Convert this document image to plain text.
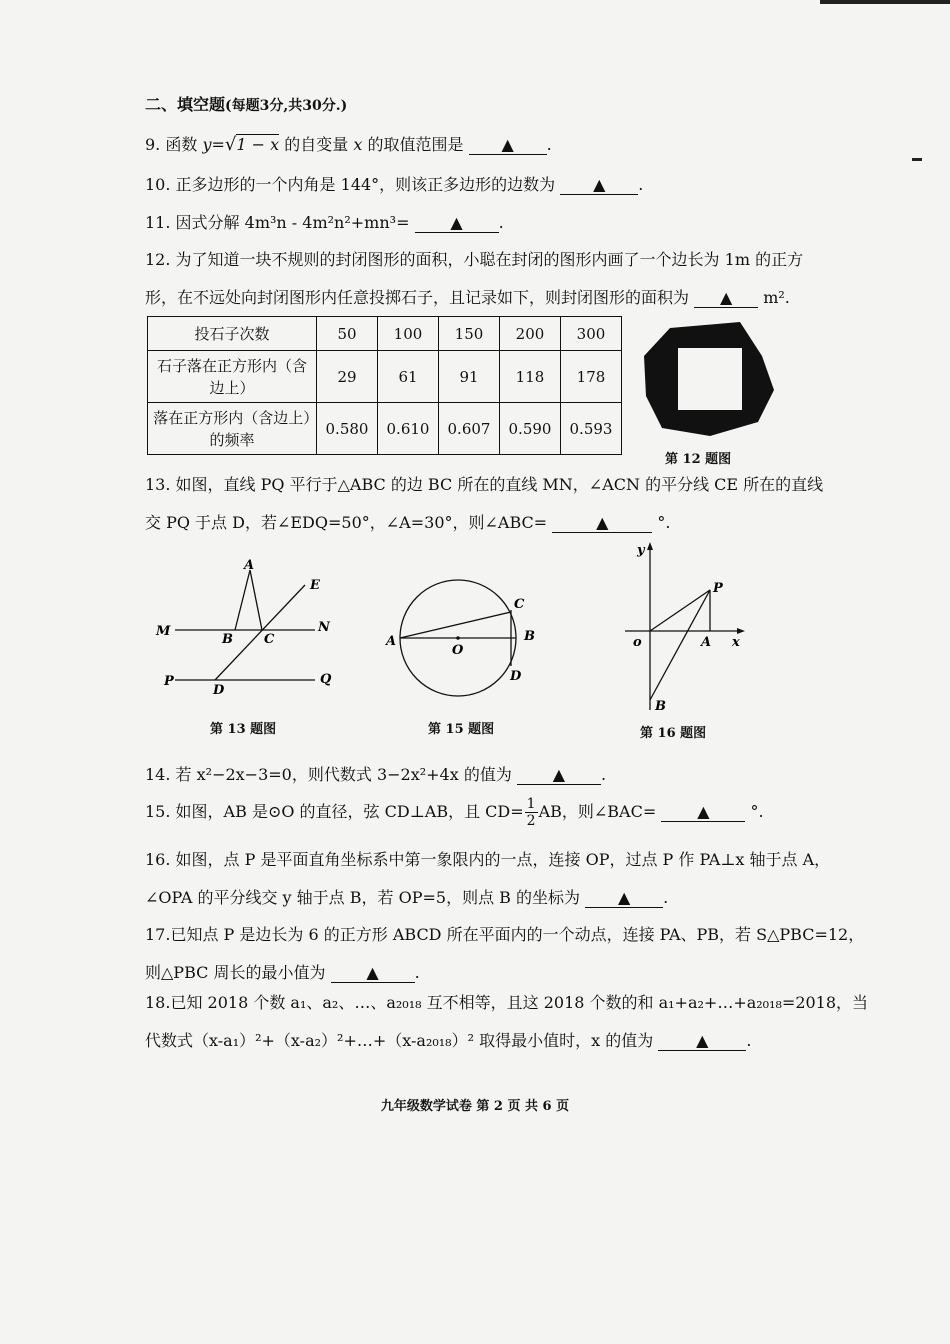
二、填空题(每题3分,共30分.)
9. 函数 y=√1 − x 的自变量 x 的取值范围是 ▲ .
10. 正多边形的一个内角是 144°，则该正多边形的边数为 ▲ .
11. 因式分解 4m³n - 4m²n²+mn³=	▲ .
12. 为了知道一块不规则的封闭图形的面积，小聪在封闭的图形内画了一个边长为 1m 的正方
形，在不远处向封闭图形内任意投掷石子，且记录如下，则封闭图形的面积为 ▲ m².
投石子次数	50	100	150	200	300
石子落在正方形内（含边上）	29	61	91	118	178
落在正方形内（含边上）的频率	0.580	0.610	0.607	0.590	0.593
第 12 题图
13. 如图，直线 PQ 平行于△ABC 的边 BC 所在的直线 MN，∠ACN 的平分线 CE 所在的直线
交 PQ 于点 D，若∠EDQ=50°，∠A=30°，则∠ABC=	▲	°.
A
E
M	N
B C
P
D
Q
第 13 题图
A
O
B
C
D
第 15 题图
y
o	A x
P
B
第 16 题图
14. 若 x²−2x−3=0，则代数式 3−2x²+4x 的值为	▲ .
15. 如图，AB 是⊙O 的直径，弦 CD⊥AB，且 $CD= \frac{1}{2}$ AB，则∠BAC=	▲	°.
16. 如图，点 P 是平面直角坐标系中第一象限内的一点，连接 OP，过点 P 作 PA⊥x 轴于点 A，
∠OPA 的平分线交 y 轴于点 B，若 OP=5，则点 B 的坐标为 ▲ .
17.已知点 P 是边长为 6 的正方形 ABCD 所在平面内的一个动点，连接 PA、PB，若 S△PBC=12，
则△PBC 周长的最小值为	▲ .
18.已知 2018 个数 a₁、a₂、…、a₂₀₁₈ 互不相等，且这 2018 个数的和 a₁+a₂+…+a₂₀₁₈=2018，当
代数式（x-a₁）²+（x-a₂）²+…+（x-a₂₀₁₈）² 取得最小值时，x 的值为	▲ .
九年级数学试卷 第 2 页 共 6 页
